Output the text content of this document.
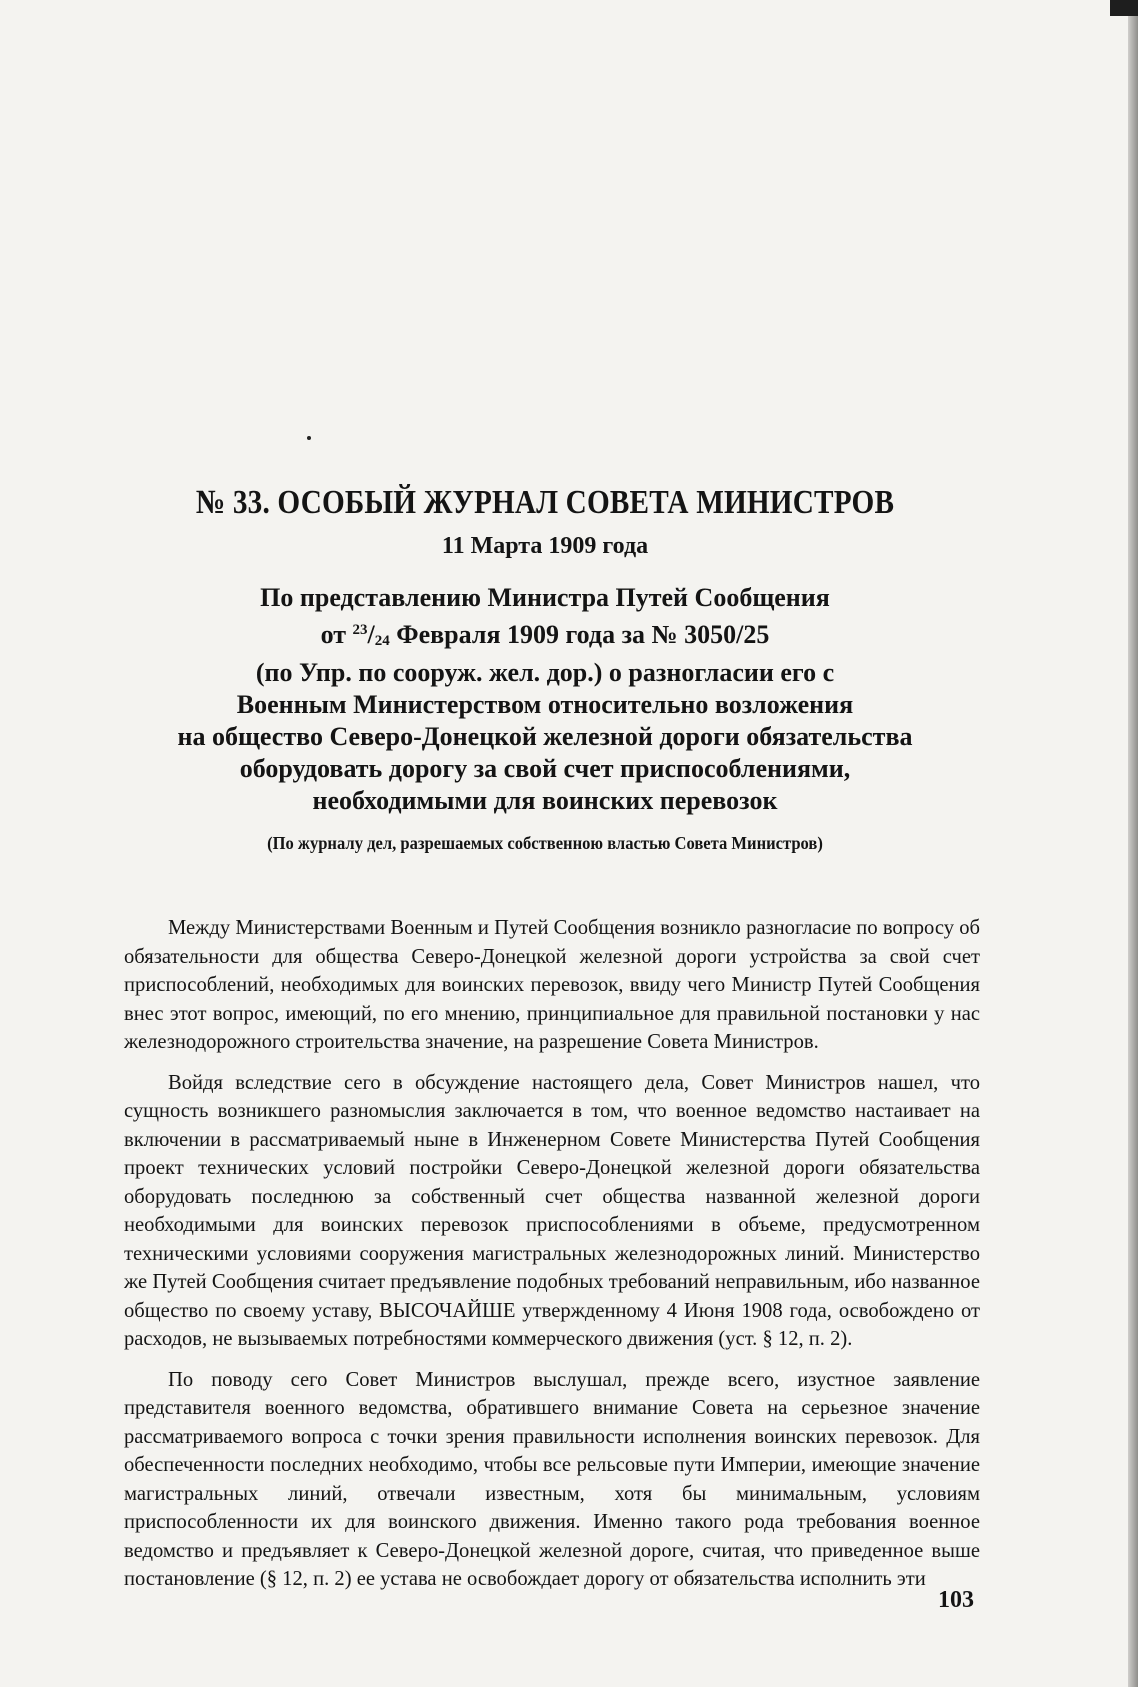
№ 33. ОСОБЫЙ ЖУРНАЛ СОВЕТА МИНИСТРОВ
11 Марта 1909 года
По представлению Министра Путей Сообщения
от $^{23}/_{24}$ Февраля 1909 года за № 3050/25
(по Упр. по сооруж. жел. дор.) о разногласии его с
Военным Министерством относительно возложения
на общество Северо-Донецкой железной дороги обязательства
оборудовать дорогу за свой счет приспособлениями,
необходимыми для воинских перевозок
(По журналу дел, разрешаемых собственною властью Совета Министров)

Между Министерствами Военным и Путей Сообщения возникло разногласие по вопросу об обязательности для общества Северо-Донецкой железной дороги устройства за свой счет приспособлений, необходимых для воинских перевозок, ввиду чего Министр Путей Сообщения внес этот вопрос, имеющий, по его мнению, принципиальное для правильной постановки у нас железнодорожного строительства значение, на разрешение Совета Министров.

Войдя вследствие сего в обсуждение настоящего дела, Совет Министров нашел, что сущность возникшего разномыслия заключается в том, что военное ведомство настаивает на включении в рассматриваемый ныне в Инженерном Совете Министерства Путей Сообщения проект технических условий постройки Северо-Донецкой железной дороги обязательства оборудовать последнюю за собственный счет общества названной железной дороги необходимыми для воинских перевозок приспособлениями в объеме, предусмотренном техническими условиями сооружения магистральных железнодорожных линий. Министерство же Путей Сообщения считает предъявление подобных требований неправильным, ибо названное общество по своему уставу, ВЫСОЧАЙШЕ утвержденному 4 Июня 1908 года, освобождено от расходов, не вызываемых потребностями коммерческого движения (уст. § 12, п. 2).

По поводу сего Совет Министров выслушал, прежде всего, изустное заявление представителя военного ведомства, обратившего внимание Совета на серьезное значение рассматриваемого вопроса с точки зрения правильности исполнения воинских перевозок. Для обеспеченности последних необходимо, чтобы все рельсовые пути Империи, имеющие значение магистральных линий, отвечали известным, хотя бы минимальным, условиям приспособленности их для воинского движения. Именно такого рода требования военное ведомство и предъявляет к Северо-Донецкой железной дороге, считая, что приведенное выше постановление (§ 12, п. 2) ее устава не освобождает дорогу от обязательства исполнить эти

103
